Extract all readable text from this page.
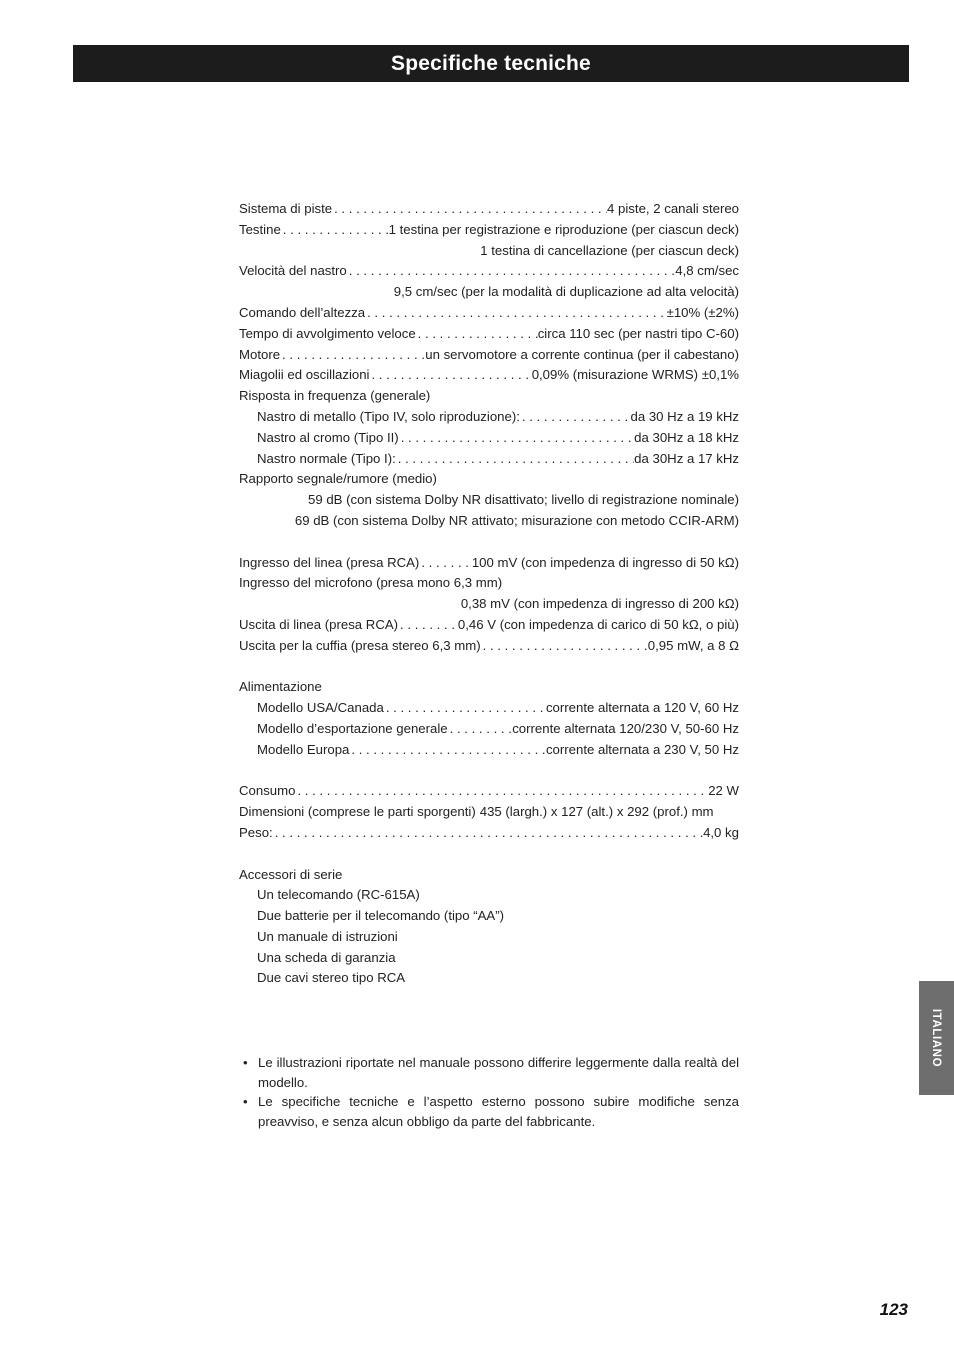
Specifiche tecniche
Sistema di piste . . .	4 piste, 2 canali stereo
Testine . . .	1 testina per registrazione e riproduzione (per ciascun deck)
1 testina di cancellazione (per ciascun deck)
Velocità del nastro . . .	4,8 cm/sec
9,5 cm/sec (per la modalità di duplicazione ad alta velocità)
Comando dell’altezza . . .	±10% (±2%)
Tempo di avvolgimento veloce . . .	circa 110 sec (per nastri tipo C-60)
Motore . . .	un servomotore a corrente continua (per il cabestano)
Miagolii ed oscillazioni . . .	0,09% (misurazione WRMS) ±0,1%
Risposta in frequenza (generale)
Nastro di metallo (Tipo IV, solo riproduzione): . . .	da 30 Hz a 19 kHz
Nastro al cromo (Tipo II) . . .	da 30Hz a 18 kHz
Nastro normale (Tipo I): . . .	da 30Hz a 17 kHz
Rapporto segnale/rumore (medio)
59 dB (con sistema Dolby NR disattivato; livello di registrazione nominale)
69 dB (con sistema Dolby NR attivato; misurazione con metodo CCIR-ARM)
Ingresso del linea (presa RCA) . . .	100 mV (con impedenza di ingresso di 50 kΩ)
Ingresso del microfono (presa mono 6,3 mm)
0,38 mV (con impedenza di ingresso di 200 kΩ)
Uscita di linea (presa RCA) . . .	0,46 V (con impedenza di carico di 50 kΩ, o più)
Uscita per la cuffia (presa stereo 6,3 mm) . . .	0,95 mW, a 8 Ω
Alimentazione
Modello USA/Canada . . .	corrente alternata a 120 V, 60 Hz
Modello d’esportazione generale . . .	corrente alternata 120/230 V, 50-60 Hz
Modello Europa . . .	corrente alternata a 230 V, 50 Hz
Consumo . . .	22 W
Dimensioni (comprese le parti sporgenti) 435 (largh.) x 127 (alt.) x 292 (prof.) mm
Peso: . . .	4,0 kg
Accessori di serie
Un telecomando (RC-615A)
Due batterie per il telecomando (tipo “AA”)
Un manuale di istruzioni
Una scheda di garanzia
Due cavi stereo tipo RCA
• Le illustrazioni riportate nel manuale possono differire leggermente dalla realtà del modello.
• Le specifiche tecniche e l’aspetto esterno possono subire modifiche senza preavviso, e senza alcun obbligo da parte del fabbricante.
ITALIANO
123
